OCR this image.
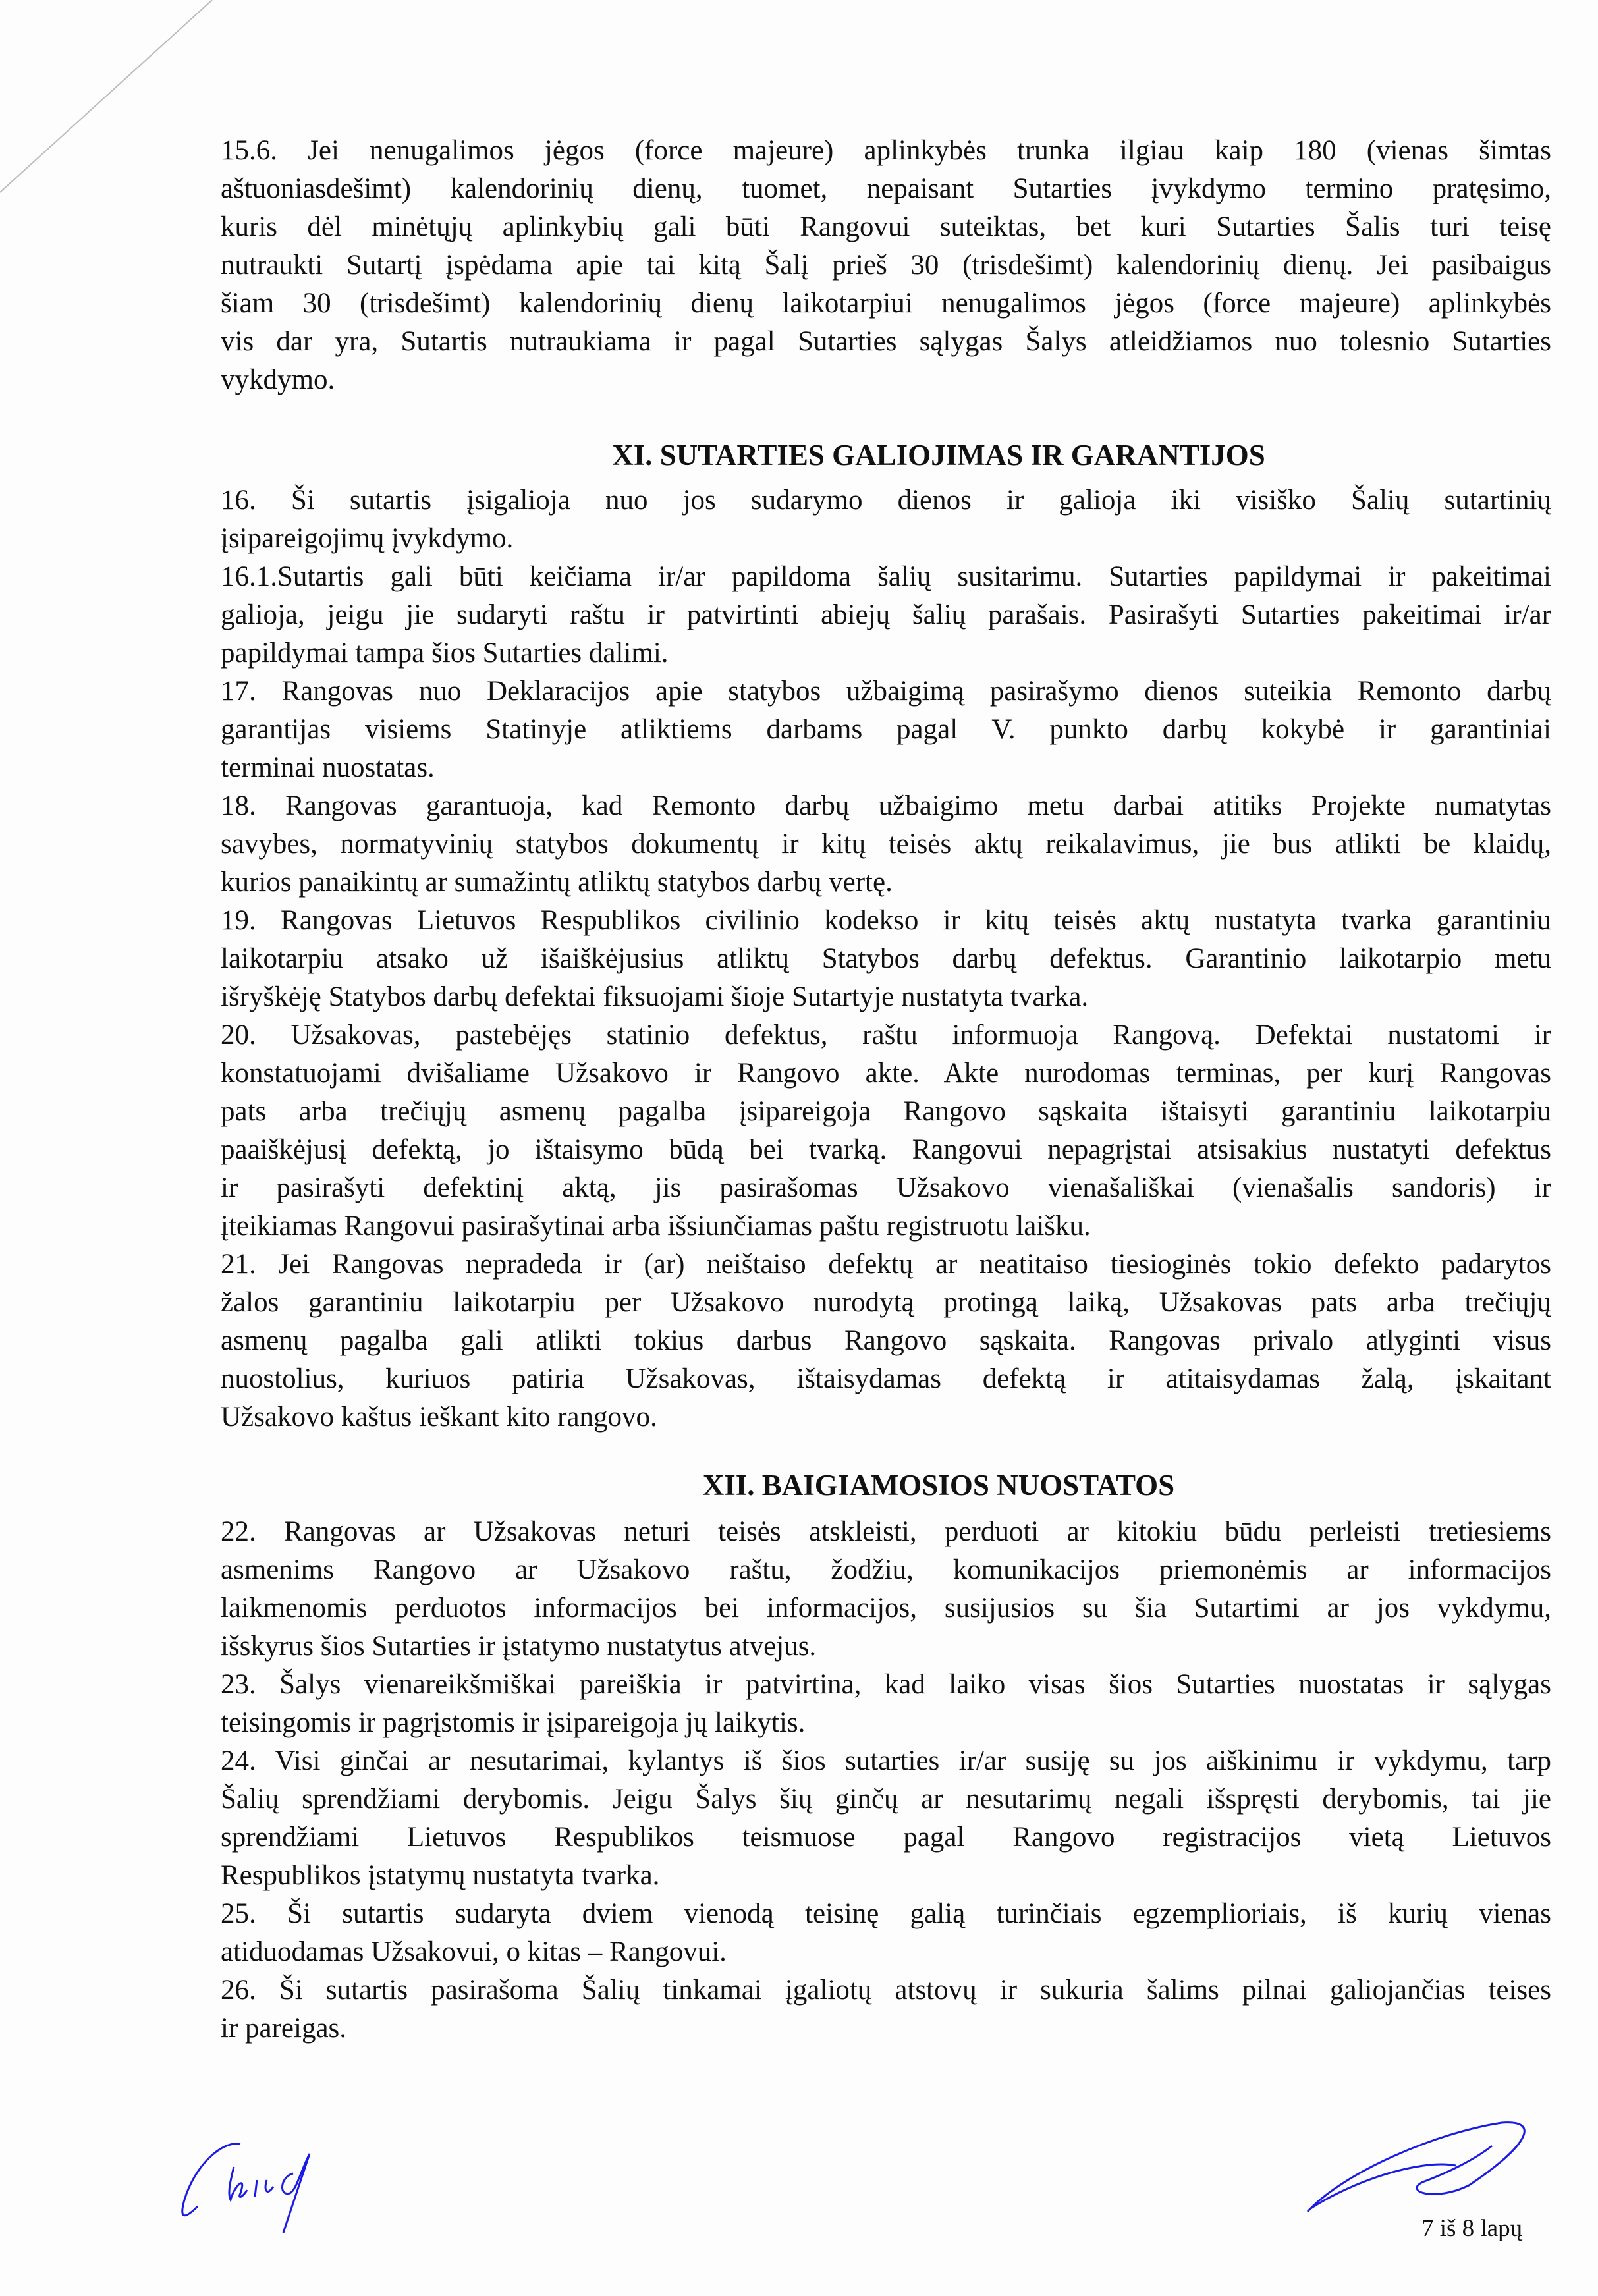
15.6. Jei nenugalimos jėgos (force majeure) aplinkybės trunka ilgiau kaip 180 (vienas šimtas
aštuoniasdešimt) kalendorinių dienų, tuomet, nepaisant Sutarties įvykdymo termino pratęsimo,
kuris dėl minėtųjų aplinkybių gali būti Rangovui suteiktas, bet kuri Sutarties Šalis turi teisę
nutraukti Sutartį įspėdama apie tai kitą Šalį prieš 30 (trisdešimt) kalendorinių dienų. Jei pasibaigus
šiam 30 (trisdešimt) kalendorinių dienų laikotarpiui nenugalimos jėgos (force majeure) aplinkybės
vis dar yra, Sutartis nutraukiama ir pagal Sutarties sąlygas Šalys atleidžiamos nuo tolesnio Sutarties
vykdymo.
XI. SUTARTIES GALIOJIMAS IR GARANTIJOS
16. Ši sutartis įsigalioja nuo jos sudarymo dienos ir galioja iki visiško Šalių sutartinių
įsipareigojimų įvykdymo.
16.1.Sutartis gali būti keičiama ir/ar papildoma šalių susitarimu. Sutarties papildymai ir pakeitimai
galioja, jeigu jie sudaryti raštu ir patvirtinti abiejų šalių parašais. Pasirašyti Sutarties pakeitimai ir/ar
papildymai tampa šios Sutarties dalimi.
17. Rangovas nuo Deklaracijos apie statybos užbaigimą pasirašymo dienos suteikia Remonto darbų
garantijas visiems Statinyje atliktiems darbams pagal V. punkto darbų kokybė ir garantiniai
terminai nuostatas.
18. Rangovas garantuoja, kad Remonto darbų užbaigimo metu darbai atitiks Projekte numatytas
savybes, normatyvinių statybos dokumentų ir kitų teisės aktų reikalavimus, jie bus atlikti be klaidų,
kurios panaikintų ar sumažintų atliktų statybos darbų vertę.
19. Rangovas Lietuvos Respublikos civilinio kodekso ir kitų teisės aktų nustatyta tvarka garantiniu
laikotarpiu atsako už išaiškėjusius atliktų Statybos darbų defektus. Garantinio laikotarpio metu
išryškėję Statybos darbų defektai fiksuojami šioje Sutartyje nustatyta tvarka.
20. Užsakovas, pastebėjęs statinio defektus, raštu informuoja Rangovą. Defektai nustatomi ir
konstatuojami dvišaliame Užsakovo ir Rangovo akte. Akte nurodomas terminas, per kurį Rangovas
pats arba trečiųjų asmenų pagalba įsipareigoja Rangovo sąskaita ištaisyti garantiniu laikotarpiu
paaiškėjusį defektą, jo ištaisymo būdą bei tvarką. Rangovui nepagrįstai atsisakius nustatyti defektus
ir pasirašyti defektinį aktą, jis pasirašomas Užsakovo vienašališkai (vienašalis sandoris) ir
įteikiamas Rangovui pasirašytinai arba išsiunčiamas paštu registruotu laišku.
21. Jei Rangovas nepradeda ir (ar) neištaiso defektų ar neatitaiso tiesioginės tokio defekto padarytos
žalos garantiniu laikotarpiu per Užsakovo nurodytą protingą laiką, Užsakovas pats arba trečiųjų
asmenų pagalba gali atlikti tokius darbus Rangovo sąskaita. Rangovas privalo atlyginti visus
nuostolius, kuriuos patiria Užsakovas, ištaisydamas defektą ir atitaisydamas žalą, įskaitant
Užsakovo kaštus ieškant kito rangovo.
XII. BAIGIAMOSIOS NUOSTATOS
22. Rangovas ar Užsakovas neturi teisės atskleisti, perduoti ar kitokiu būdu perleisti tretiesiems
asmenims Rangovo ar Užsakovo raštu, žodžiu, komunikacijos priemonėmis ar informacijos
laikmenomis perduotos informacijos bei informacijos, susijusios su šia Sutartimi ar jos vykdymu,
išskyrus šios Sutarties ir įstatymo nustatytus atvejus.
23. Šalys vienareikšmiškai pareiškia ir patvirtina, kad laiko visas šios Sutarties nuostatas ir sąlygas
teisingomis ir pagrįstomis ir įsipareigoja jų laikytis.
24. Visi ginčai ar nesutarimai, kylantys iš šios sutarties ir/ar susiję su jos aiškinimu ir vykdymu, tarp
Šalių sprendžiami derybomis. Jeigu Šalys šių ginčų ar nesutarimų negali išspręsti derybomis, tai jie
sprendžiami Lietuvos Respublikos teismuose pagal Rangovo registracijos vietą Lietuvos
Respublikos įstatymų nustatyta tvarka.
25. Ši sutartis sudaryta dviem vienodą teisinę galią turinčiais egzemplioriais, iš kurių vienas
atiduodamas Užsakovui, o kitas – Rangovui.
26. Ši sutartis pasirašoma Šalių tinkamai įgaliotų atstovų ir sukuria šalims pilnai galiojančias teises
ir pareigas.
7 iš 8 lapų
